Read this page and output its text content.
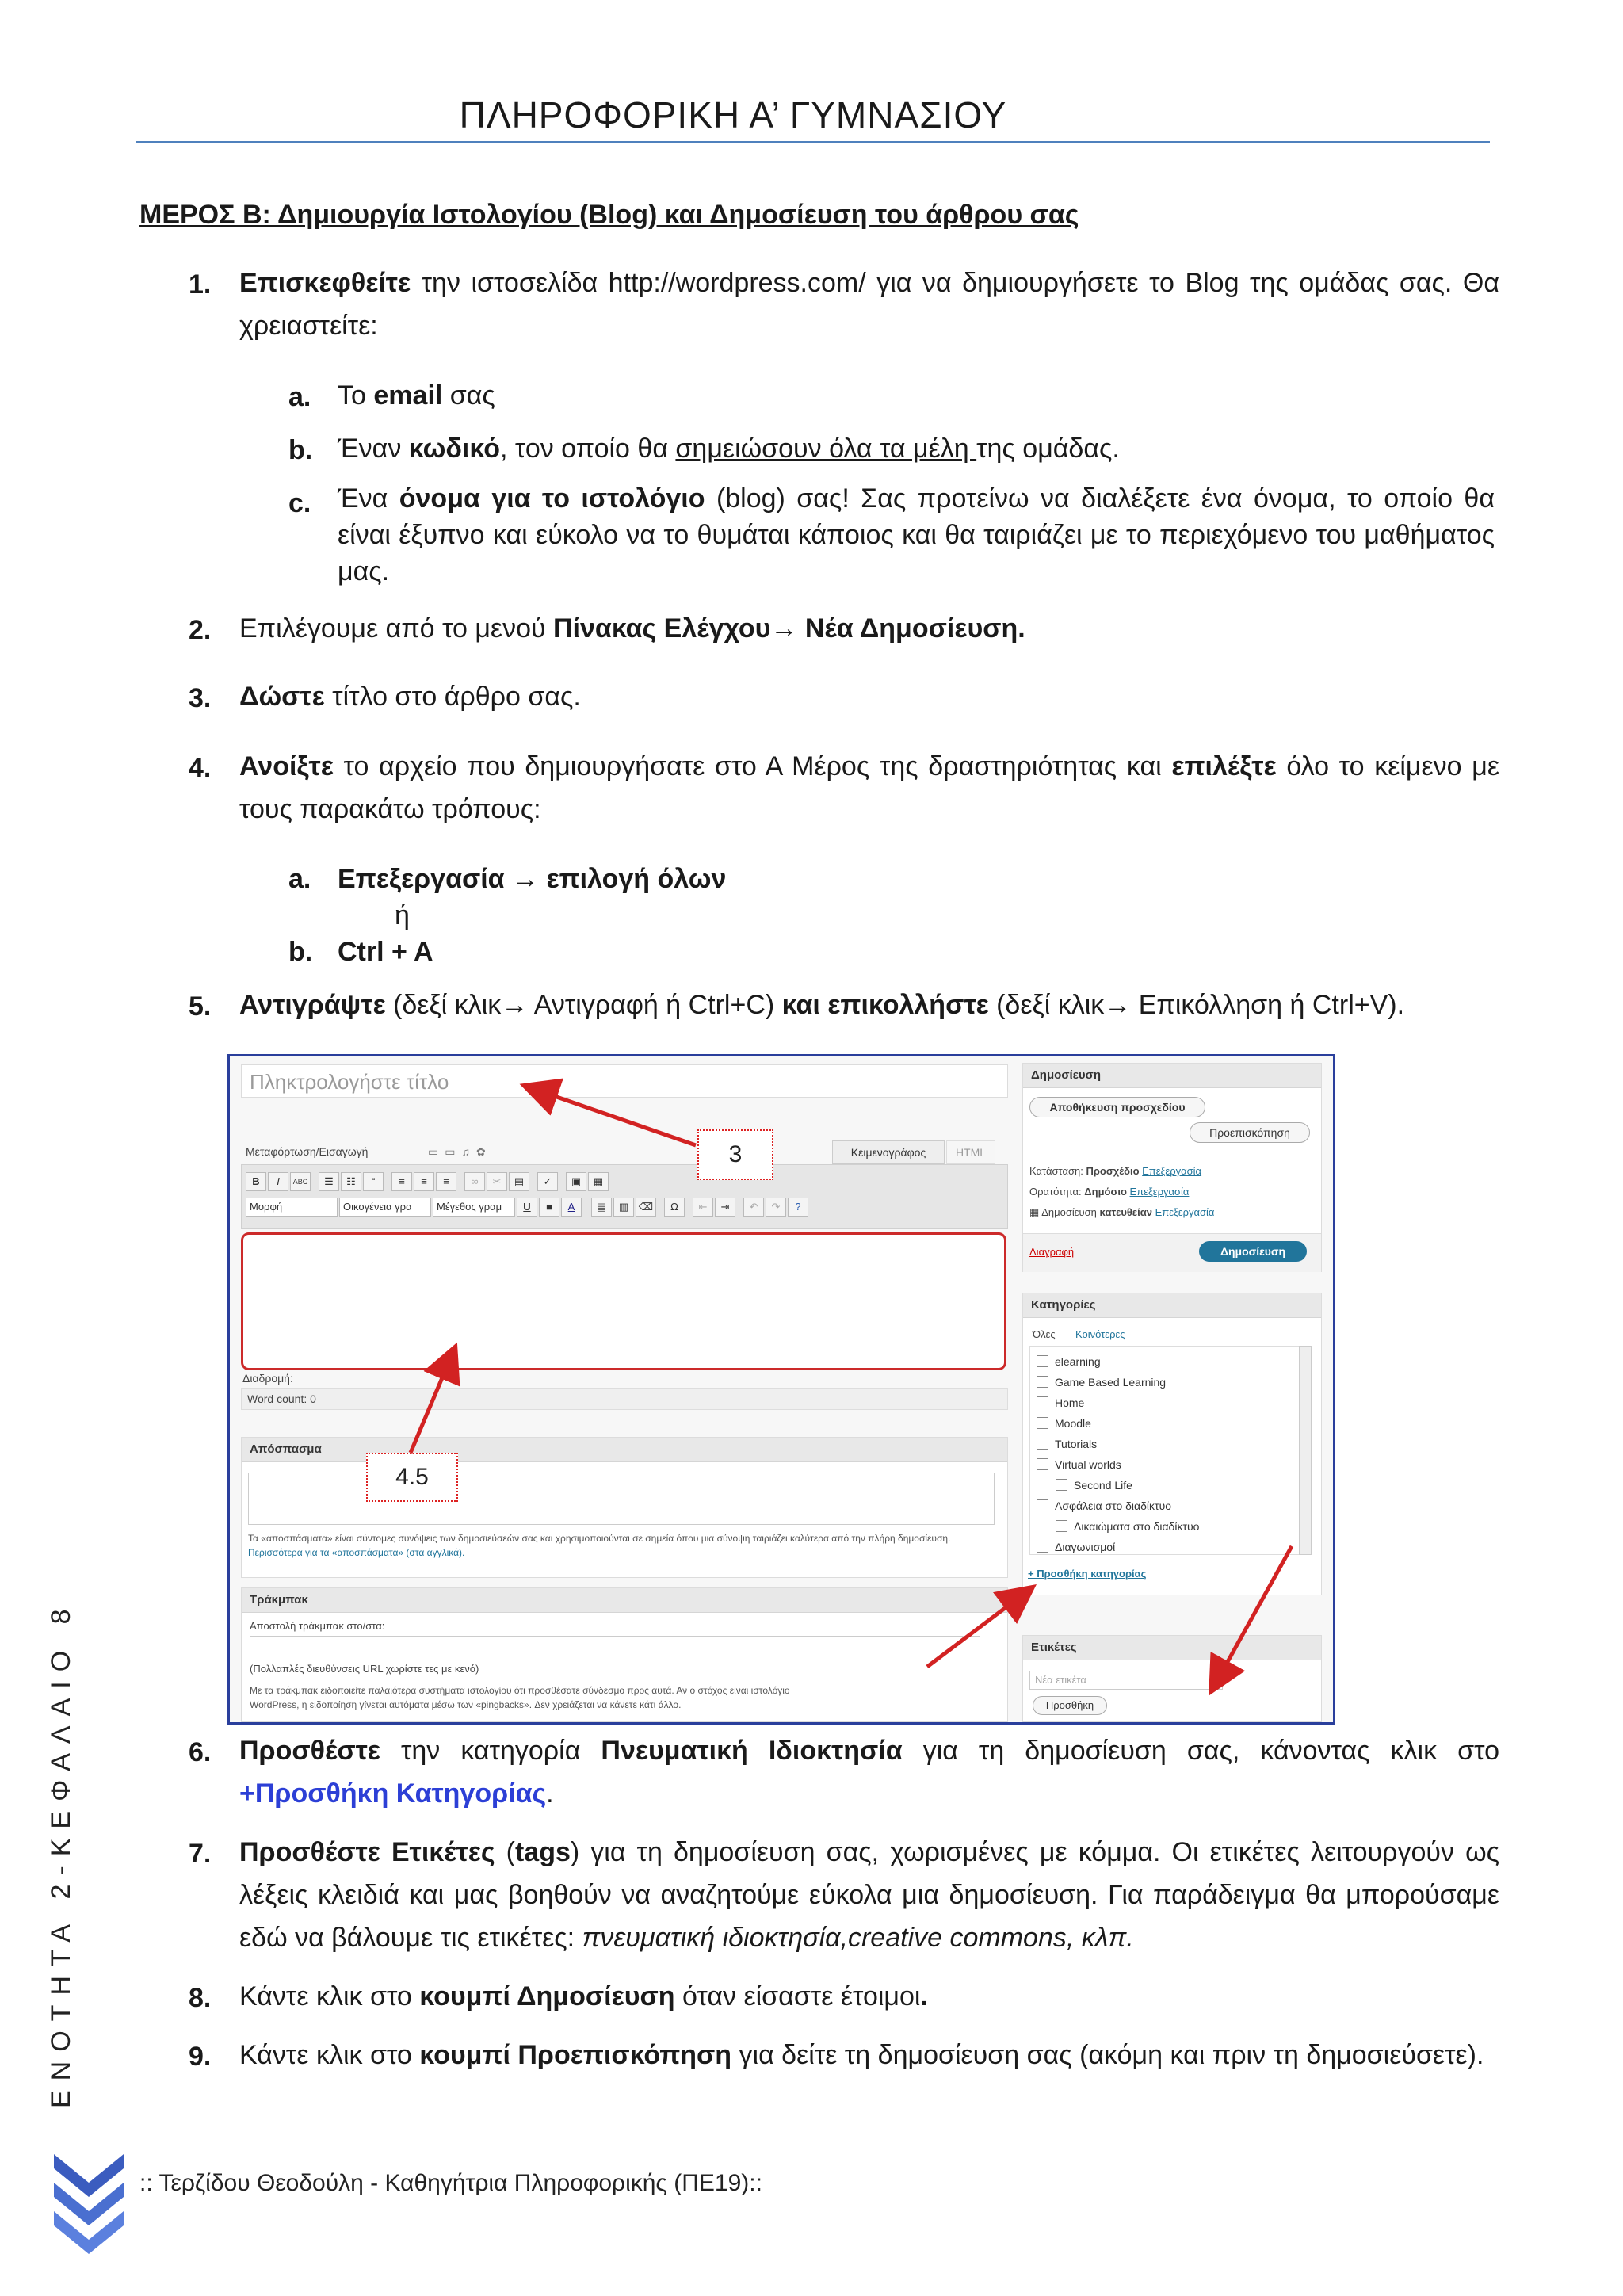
ΠΛΗΡΟΦΟΡΙΚΗ Α’ ΓΥΜΝΑΣΙΟΥ
ΜΕΡΟΣ Β: Δημιουργία Ιστολογίου (Blog) και Δημοσίευση του άρθρου σας
1. Επισκεφθείτε την ιστοσελίδα http://wordpress.com/ για να δημιουργήσετε το Blog της ομάδας σας. Θα χρειαστείτε:
a. Το email σας
b. Έναν κωδικό, τον οποίο θα σημειώσουν όλα τα μέλη της ομάδας.
c. Ένα όνομα για το ιστολόγιο (blog) σας! Σας προτείνω να διαλέξετε ένα όνομα, το οποίο θα είναι έξυπνο και εύκολο να το θυμάται κάποιος και θα ταιριάζει με το περιεχόμενο του μαθήματος μας.
2. Επιλέγουμε από το μενού Πίνακας Ελέγχου→ Νέα Δημοσίευση.
3. Δώστε τίτλο στο άρθρο σας.
4. Ανοίξτε το αρχείο που δημιουργήσατε στο Α Μέρος της δραστηριότητας και επιλέξτε όλο το κείμενο με τους παρακάτω τρόπους:
a. Επεξεργασία → επιλογή όλων
ή
b. Ctrl + A
5. Αντιγράψτε (δεξί κλικ→ Αντιγραφή ή Ctrl+C) και επικολλήστε (δεξί κλικ→ Επικόλληση ή Ctrl+V).
Πληκτρολογήστε τίτλο
Μεταφόρτωση/Εισαγωγή	▭▭♫✿	Κειμενογράφος	HTML
B	I	ABC	☰	☷	“	≡	≡	≡	∞	✂	▤	✓	▣	▦
Μορφή	Οικογένεια γρα	Μέγεθος γραμ	U	■	A	▤	▥ ⌫	Ω	⇤	⇥	↶	↷	?
Διαδρομή:
Word count: 0
Απόσπασμα
Τα «αποσπάσματα» είναι σύντομες συνόψεις των δημοσιεύσεών σας και χρησιμοποιούνται σε σημεία όπου μια σύνοψη ταιριάζει καλύτερα από την πλήρη δημοσίευση. Περισσότερα για τα «αποσπάσματα» (στα αγγλικά).
Τράκμπακ
Αποστολή τράκμπακ στο/στα:
(Πολλαπλές διευθύνσεις URL χωρίστε τες με κενό)
Με τα τράκμπακ ειδοποιείτε παλαιότερα συστήματα ιστολογίου ότι προσθέσατε σύνδεσμο προς αυτά. Αν ο στόχος είναι ιστολόγιο
WordPress, η ειδοποίηση γίνεται αυτόματα μέσω των «pingbacks». Δεν χρειάζεται να κάνετε κάτι άλλο.
Δημοσίευση
Αποθήκευση προσχεδίου
Προεπισκόπηση
Κατάσταση: Προσχέδιο Επεξεργασία
Ορατότητα: Δημόσιο Επεξεργασία
▦ Δημοσίευση κατευθείαν Επεξεργασία
Διαγραφή	Δημοσίευση
Κατηγορίες
Όλες Κοινότερες
elearning
Game Based Learning
Home
Moodle
Tutorials
Virtual worlds
Second Life
Ασφάλεια στο διαδίκτυο
Δικαιώματα στο διαδίκτυο
Διαγωνισμοί
+ Προσθήκη κατηγορίας
Ετικέτες
Νέα ετικέτα
Προσθήκη
3
4.5
6. Προσθέστε την κατηγορία Πνευματική Ιδιοκτησία για τη δημοσίευση σας, κάνοντας κλικ στο +Προσθήκη Κατηγορίας.
7. Προσθέστε Ετικέτες (tags) για τη δημοσίευση σας, χωρισμένες με κόμμα. Οι ετικέτες λειτουργούν ως λέξεις κλειδιά και μας βοηθούν να αναζητούμε εύκολα μια δημοσίευση. Για παράδειγμα θα μπορούσαμε εδώ να βάλουμε τις ετικέτες: πνευματική ιδιοκτησία,creative commons, κλπ.
8. Κάντε κλικ στο κουμπί Δημοσίευση όταν είσαστε έτοιμοι.
9. Κάντε κλικ στο κουμπί Προεπισκόπηση για δείτε τη δημοσίευση σας (ακόμη και πριν τη δημοσιεύσετε).
ΕΝΟΤΗΤΑ 2-ΚΕΦΑΛΑΙΟ 8
:: Τερζίδου Θεοδούλη - Καθηγήτρια Πληροφορικής (ΠΕ19)::
